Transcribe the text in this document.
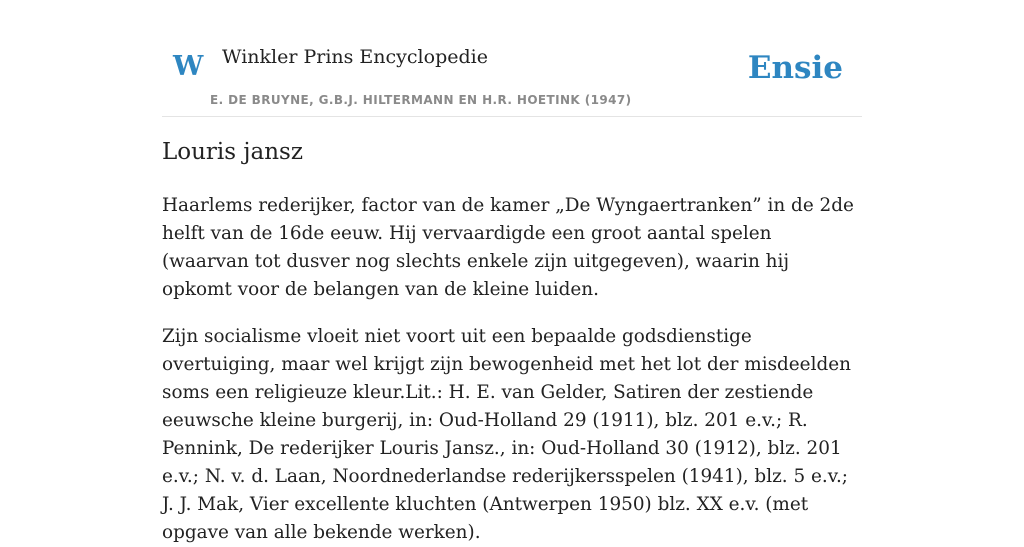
W Winkler Prins Encyclopedie
E. DE BRUYNE, G.B.J. HILTERMANN EN H.R. HOETINK (1947)
Ensie
Louris jansz

Haarlems rederijker, factor van de kamer „De Wyngaertranken” in de 2de helft van de 16de eeuw. Hij vervaardigde een groot aantal spelen (waarvan tot dusver nog slechts enkele zijn uitgegeven), waarin hij opkomt voor de belangen van de kleine luiden.

Zijn socialisme vloeit niet voort uit een bepaalde godsdienstige overtuiging, maar wel krijgt zijn bewogenheid met het lot der misdeelden soms een religieuze kleur.Lit.: H. E. van Gelder, Satiren der zestiende eeuwsche kleine burgerij, in: Oud-Holland 29 (1911), blz. 201 e.v.; R. Pennink, De rederijker Louris Jansz., in: Oud-Holland 30 (1912), blz. 201 e.v.; N. v. d. Laan, Noordnederlandse rederijkersspelen (1941), blz. 5 e.v.; J. J. Mak, Vier excellente kluchten (Antwerpen 1950) blz. XX e.v. (met opgave van alle bekende werken).
